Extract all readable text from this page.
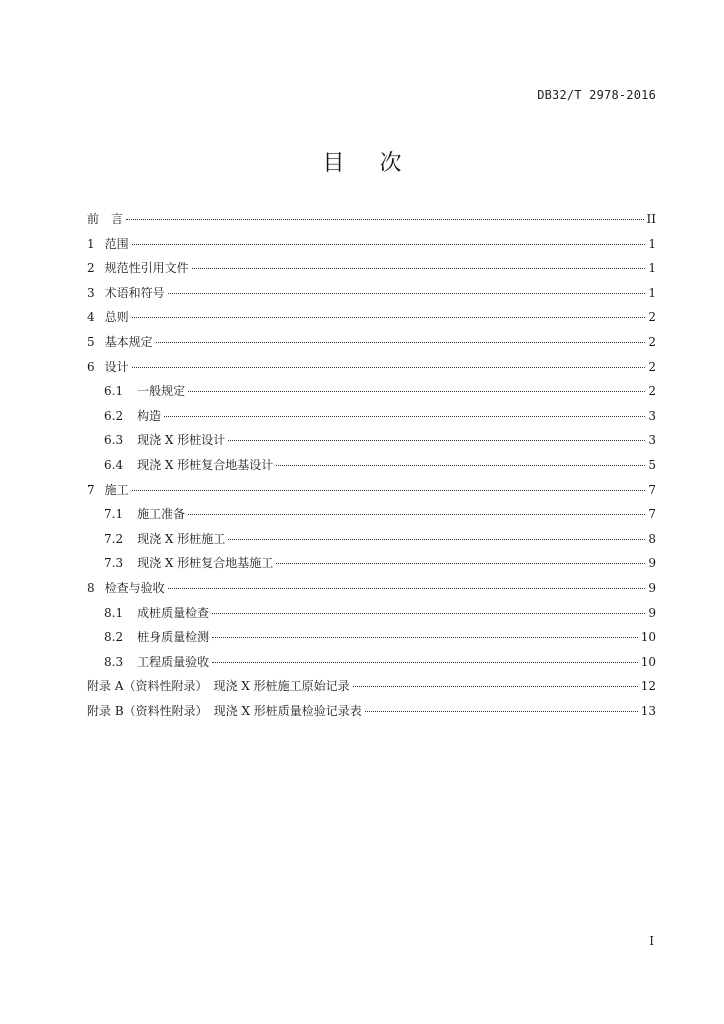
DB32/T 2978-2016
目 次
前　言	II
1 范围	1
2 规范性引用文件	1
3 术语和符号	1
4 总则	2
5 基本规定	2
6 设计	2
6.1 一般规定	2
6.2 构造	3
6.3 现浇 X 形桩设计	3
6.4 现浇 X 形桩复合地基设计	5
7 施工	7
7.1 施工准备	7
7.2 现浇 X 形桩施工	8
7.3 现浇 X 形桩复合地基施工	9
8 检查与验收	9
8.1 成桩质量检查	9
8.2 桩身质量检测	10
8.3 工程质量验收	10
附录 A（资料性附录）　现浇 X 形桩施工原始记录	12
附录 B（资料性附录）　现浇 X 形桩质量检验记录表	13
I
